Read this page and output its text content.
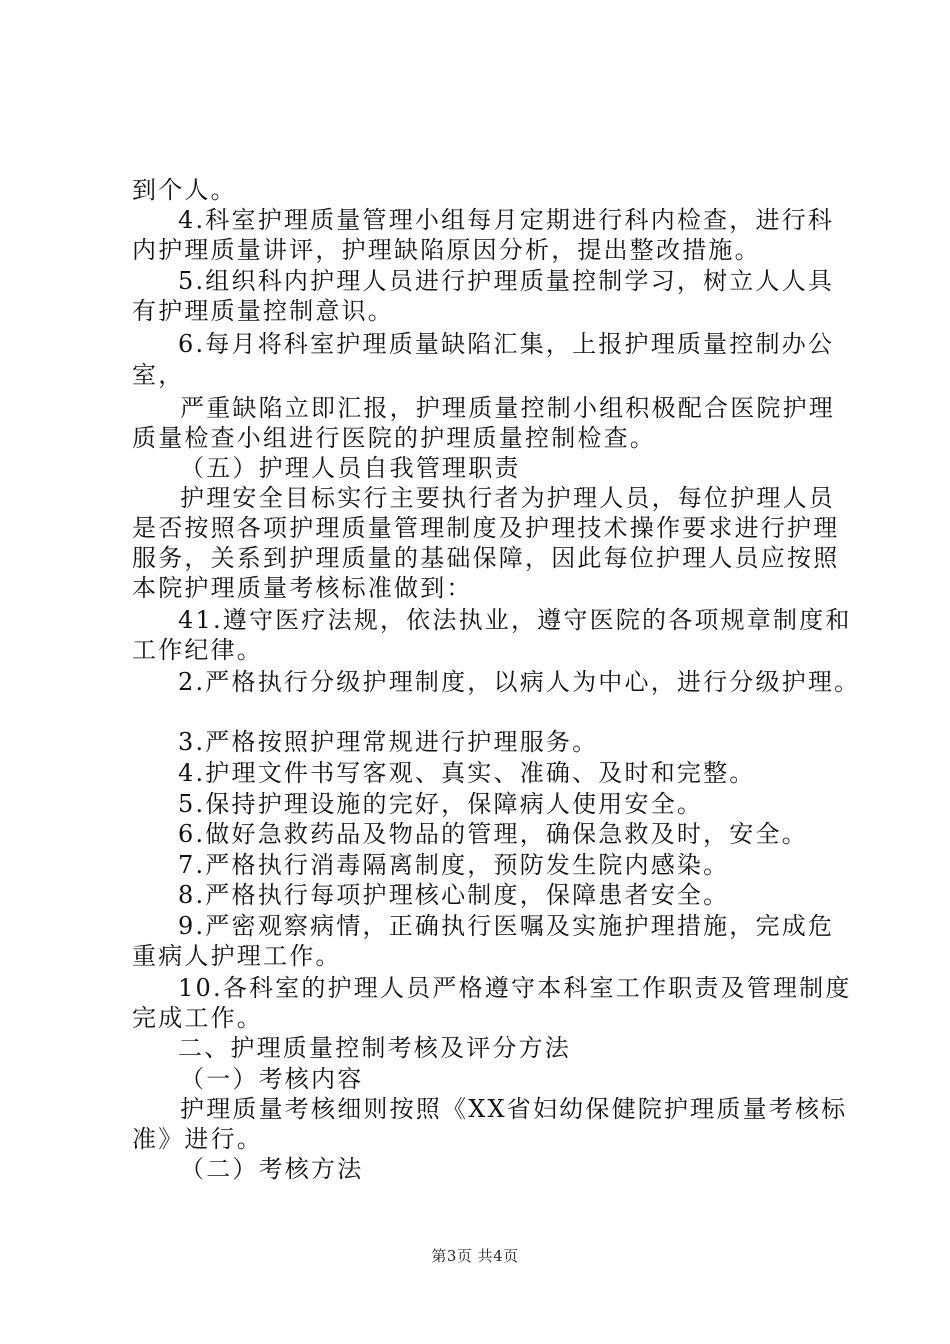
到个人。
4.科室护理质量管理小组每月定期进行科内检查，进行科
内护理质量讲评，护理缺陷原因分析，提出整改措施。
5.组织科内护理人员进行护理质量控制学习，树立人人具
有护理质量控制意识。
6.每月将科室护理质量缺陷汇集，上报护理质量控制办公
室，
严重缺陷立即汇报，护理质量控制小组积极配合医院护理
质量检查小组进行医院的护理质量控制检查。
（五）护理人员自我管理职责
护理安全目标实行主要执行者为护理人员，每位护理人员
是否按照各项护理质量管理制度及护理技术操作要求进行护理
服务，关系到护理质量的基础保障，因此每位护理人员应按照
本院护理质量考核标准做到：
41.遵守医疗法规，依法执业，遵守医院的各项规章制度和
工作纪律。
2.严格执行分级护理制度，以病人为中心，进行分级护理。
3.严格按照护理常规进行护理服务。
4.护理文件书写客观、真实、准确、及时和完整。
5.保持护理设施的完好，保障病人使用安全。
6.做好急救药品及物品的管理，确保急救及时，安全。
7.严格执行消毒隔离制度，预防发生院内感染。
8.严格执行每项护理核心制度，保障患者安全。
9.严密观察病情，正确执行医嘱及实施护理措施，完成危
重病人护理工作。
10.各科室的护理人员严格遵守本科室工作职责及管理制度
完成工作。
二、护理质量控制考核及评分方法
（一）考核内容
护理质量考核细则按照《XX省妇幼保健院护理质量考核标
准》进行。
（二）考核方法
第3页 共4页
